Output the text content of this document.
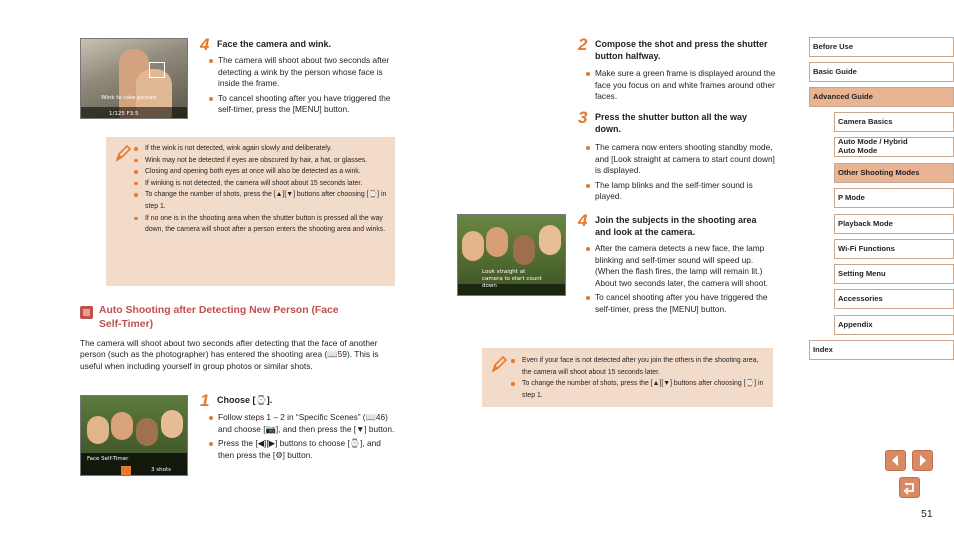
Wink to take picture
1/125 F3.5
4 Face the camera and wink.
The camera will shoot about two seconds after detecting a wink by the person whose face is inside the frame.
To cancel shooting after you have triggered the self-timer, press the [MENU] button.
If the wink is not detected, wink again slowly and deliberately.
Wink may not be detected if eyes are obscured by hair, a hat, or glasses.
Closing and opening both eyes at once will also be detected as a wink.
If winking is not detected, the camera will shoot about 15 seconds later.
To change the number of shots, press the [▲][▼] buttons after choosing [⌚] in step 1.
If no one is in the shooting area when the shutter button is pressed all the way down, the camera will shoot after a person enters the shooting area and winks.
Auto Shooting after Detecting New Person (Face Self-Timer)

The camera will shoot about two seconds after detecting that the face of another person (such as the photographer) has entered the shooting area (📖59). This is useful when including yourself in group photos or similar shots.

Face Self-Timer
3 shots
1 Choose [⌚].
Follow steps 1 – 2 in “Specific Scenes” (📖46) and choose [📷], and then press the [▼] button.
Press the [◀][▶] buttons to choose [⌚], and then press the [⚙] button.
2 Compose the shot and press the shutter button halfway.
Make sure a green frame is displayed around the face you focus on and white frames around other faces.
3 Press the shutter button all the way down.
The camera now enters shooting standby mode, and [Look straight at camera to start count down] is displayed.
The lamp blinks and the self-timer sound is played.
Look straight at camera to start count down
4 Join the subjects in the shooting area and look at the camera.
After the camera detects a new face, the lamp blinking and self-timer sound will speed up. (When the flash fires, the lamp will remain lit.) About two seconds later, the camera will shoot.
To cancel shooting after you have triggered the self-timer, press the [MENU] button.
Even if your face is not detected after you join the others in the shooting area, the camera will shoot about 15 seconds later.
To change the number of shots, press the [▲][▼] buttons after choosing [⌚] in step 1.
Before Use
Basic Guide
Advanced Guide
Camera Basics
Auto Mode / Hybrid Auto Mode
Other Shooting Modes
P Mode
Playback Mode
Wi-Fi Functions
Setting Menu
Accessories
Appendix
Index
51
